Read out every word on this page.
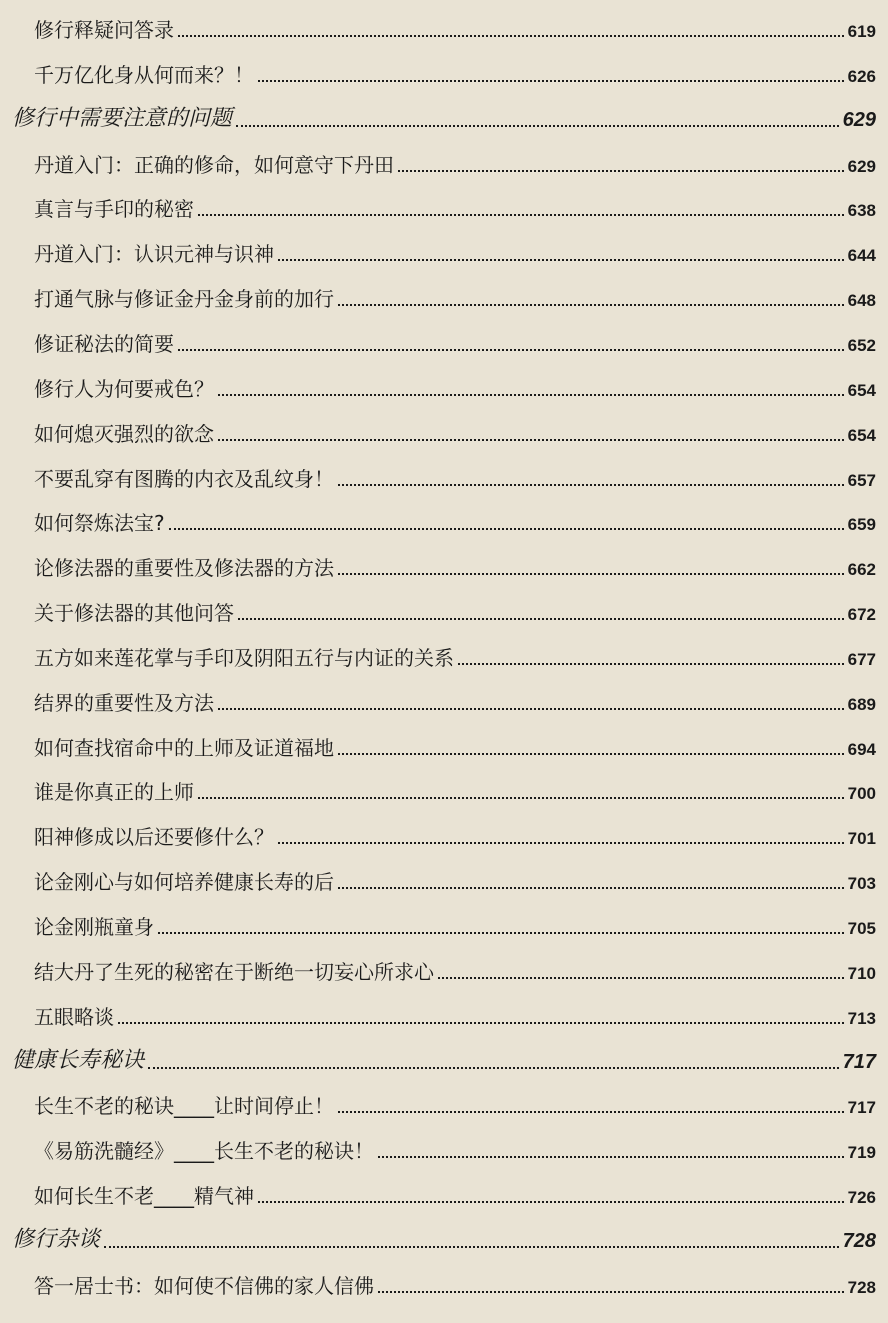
修行释疑问答录	619
千万亿化身从何而来？！	626
修行中需要注意的问题	629
丹道入门：正确的修命，如何意守下丹田	629
真言与手印的秘密	638
丹道入门：认识元神与识神	644
打通气脉与修证金丹金身前的加行	648
修证秘法的简要	652
修行人为何要戒色？	654
如何熄灭强烈的欲念	654
不要乱穿有图腾的内衣及乱纹身！	657
如何祭炼法宝?	659
论修法器的重要性及修法器的方法	662
关于修法器的其他问答	672
五方如来莲花掌与手印及阴阳五行与内证的关系	677
结界的重要性及方法	689
如何查找宿命中的上师及证道福地	694
谁是你真正的上师	700
阳神修成以后还要修什么？	701
论金刚心与如何培养健康长寿的后	703
论金刚瓶童身	705
结大丹了生死的秘密在于断绝一切妄心所求心	710
五眼略谈	713
健康长寿秘诀	717
长生不老的秘诀____让时间停止！	717
《易筋洗髓经》____长生不老的秘诀！	719
如何长生不老____精气神	726
修行杂谈	728
答一居士书：如何使不信佛的家人信佛	728
